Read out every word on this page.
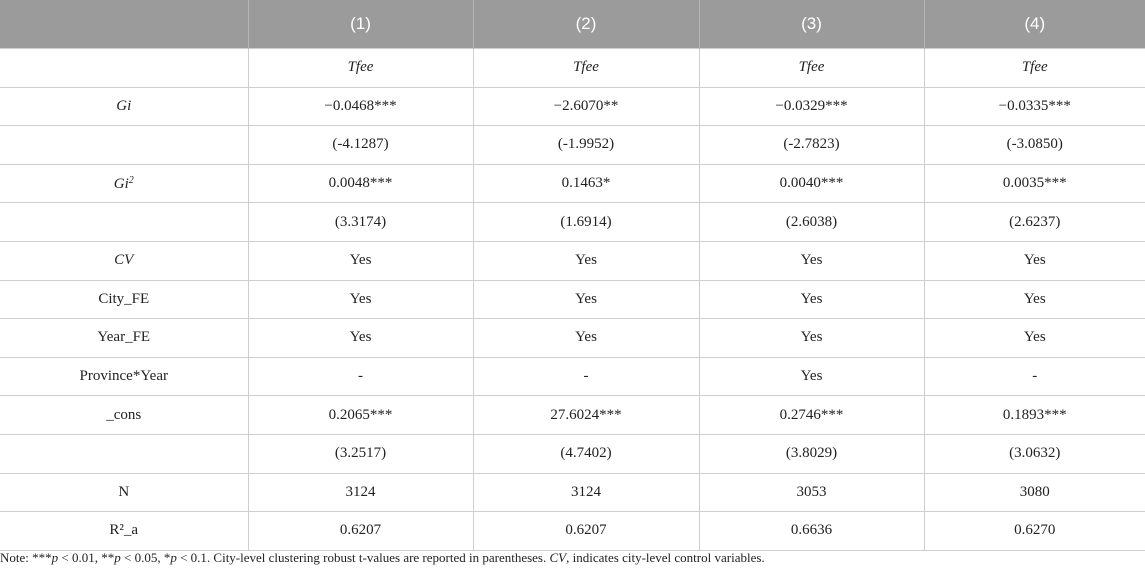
	(1)	(2)	(3)	(4)
	Tfee	Tfee	Tfee	Tfee
Gi	−0.0468***	−2.6070**	−0.0329***	−0.0335***
	(-4.1287)	(-1.9952)	(-2.7823)	(-3.0850)
Gi$^2$	0.0048***	0.1463*	0.0040***	0.0035***
	(3.3174)	(1.6914)	(2.6038)	(2.6237)
CV	Yes	Yes	Yes	Yes
City_FE	Yes	Yes	Yes	Yes
Year_FE	Yes	Yes	Yes	Yes
Province*Year	-	-	Yes	-
_cons	0.2065***	27.6024***	0.2746***	0.1893***
	(3.2517)	(4.7402)	(3.8029)	(3.0632)
N	3124	3124	3053	3080
R²_a	0.6207	0.6207	0.6636	0.6270
Note: ***p < 0.01, **p < 0.05, *p < 0.1. City-level clustering robust t-values are reported in parentheses. CV, indicates city-level control variables.
